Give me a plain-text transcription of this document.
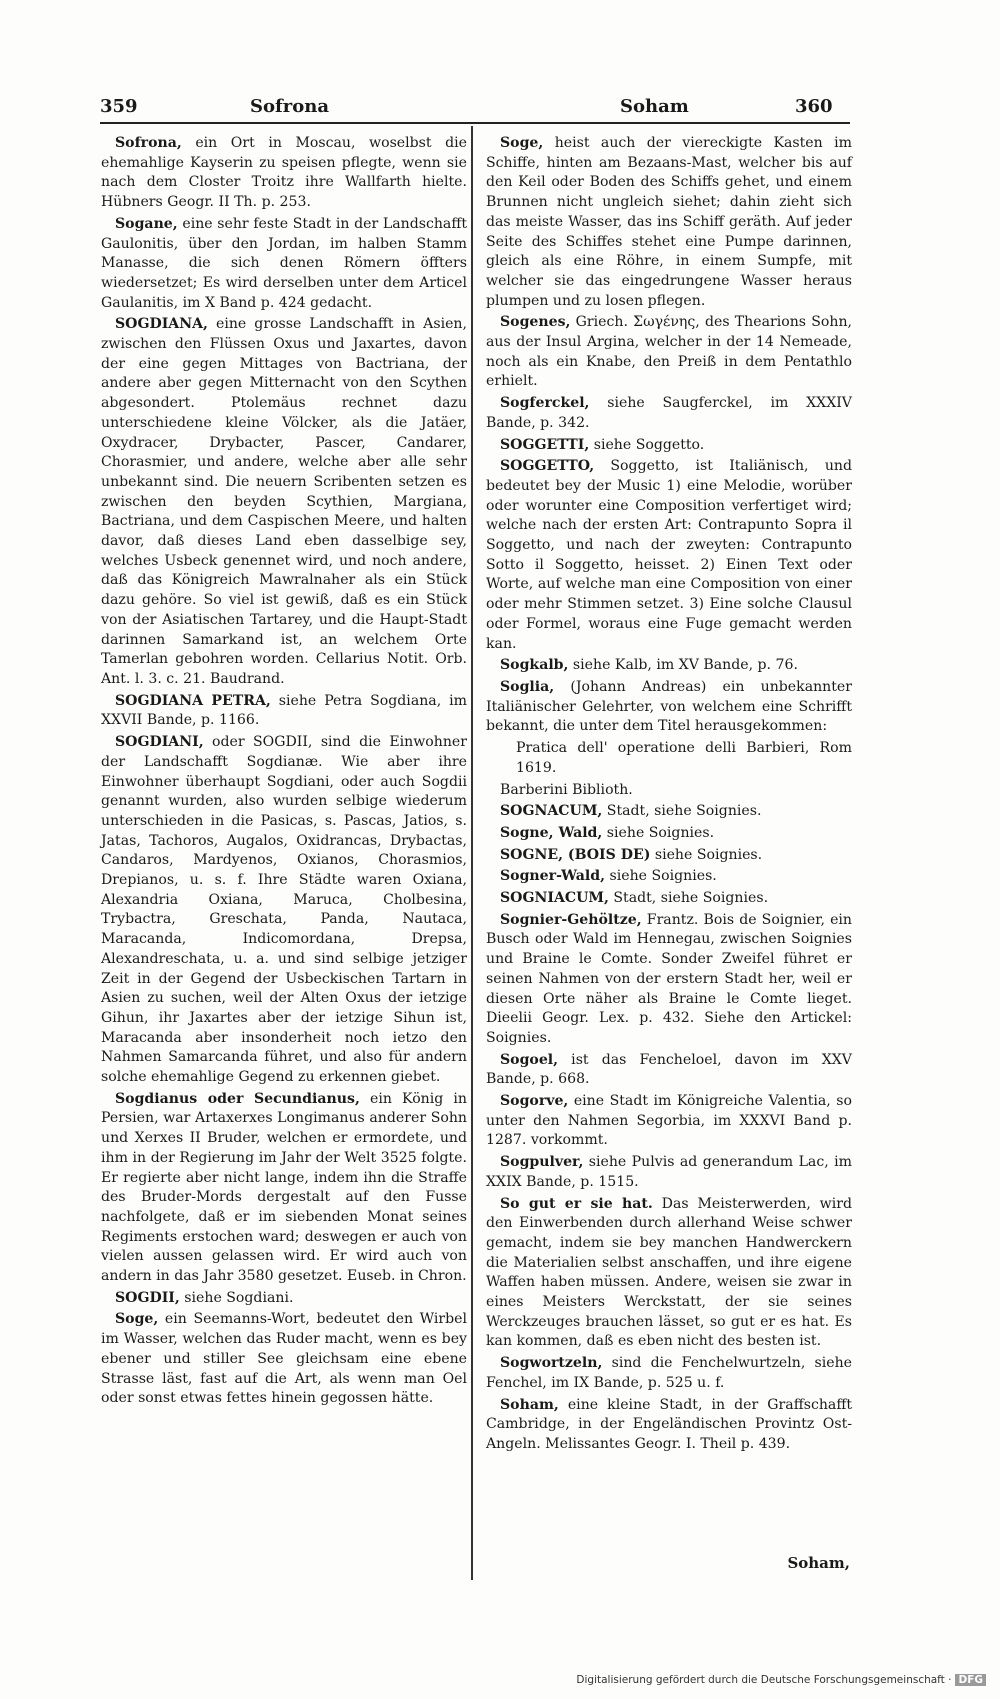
359	Sofrona	Soham	360

Sofrona, ein Ort in Moscau, woselbst die ehemahlige Kayserin zu speisen pflegte, wenn sie nach dem Closter Troitz ihre Wallfarth hielte. Hübners Geogr. II Th. p. 253.

Sogane, eine sehr feste Stadt in der Landschafft Gaulonitis, über den Jordan, im halben Stamm Manasse, die sich denen Römern öffters wiedersetzet; Es wird derselben unter dem Articel Gaulanitis, im X Band p. 424 gedacht.

SOGDIANA, eine grosse Landschafft in Asien, zwischen den Flüssen Oxus und Jaxartes, davon der eine gegen Mittages von Bactriana, der andere aber gegen Mitternacht von den Scythen abgesondert. Ptolemäus rechnet dazu unterschiedene kleine Völcker, als die Jatäer, Oxydracer, Drybacter, Pascer, Candarer, Chorasmier, und andere, welche aber alle sehr unbekannt sind. Die neuern Scribenten setzen es zwischen den beyden Scythien, Margiana, Bactriana, und dem Caspischen Meere, und halten davor, daß dieses Land eben dasselbige sey, welches Usbeck genennet wird, und noch andere, daß das Königreich Mawralnaher als ein Stück dazu gehöre. So viel ist gewiß, daß es ein Stück von der Asiatischen Tartarey, und die Haupt-Stadt darinnen Samarkand ist, an welchem Orte Tamerlan gebohren worden. Cellarius Notit. Orb. Ant. l. 3. c. 21. Baudrand.

SOGDIANA PETRA, siehe Petra Sogdiana, im XXVII Bande, p. 1166.

SOGDIANI, oder SOGDII, sind die Einwohner der Landschafft Sogdianæ. Wie aber ihre Einwohner überhaupt Sogdiani, oder auch Sogdii genannt wurden, also wurden selbige wiederum unterschieden in die Pasicas, s. Pascas, Jatios, s. Jatas, Tachoros, Augalos, Oxidrancas, Drybactas, Candaros, Mardyenos, Oxianos, Chorasmios, Drepianos, u. s. f. Ihre Städte waren Oxiana, Alexandria Oxiana, Maruca, Cholbesina, Trybactra, Greschata, Panda, Nautaca, Maracanda, Indicomordana, Drepsa, Alexandreschata, u. a. und sind selbige jetziger Zeit in der Gegend der Usbeckischen Tartarn in Asien zu suchen, weil der Alten Oxus der ietzige Gihun, ihr Jaxartes aber der ietzige Sihun ist, Maracanda aber insonderheit noch ietzo den Nahmen Samarcanda führet, und also für andern solche ehemahlige Gegend zu erkennen giebet.

Sogdianus oder Secundianus, ein König in Persien, war Artaxerxes Longimanus anderer Sohn und Xerxes II Bruder, welchen er ermordete, und ihm in der Regierung im Jahr der Welt 3525 folgte. Er regierte aber nicht lange, indem ihn die Straffe des Bruder-Mords dergestalt auf den Fusse nachfolgete, daß er im siebenden Monat seines Regiments erstochen ward; deswegen er auch von vielen aussen gelassen wird. Er wird auch von andern in das Jahr 3580 gesetzet. Euseb. in Chron.

SOGDII, siehe Sogdiani.

Soge, ein Seemanns-Wort, bedeutet den Wirbel im Wasser, welchen das Ruder macht, wenn es bey ebener und stiller See gleichsam eine ebene Strasse läst, fast auf die Art, als wenn man Oel oder sonst etwas fettes hinein gegossen hätte.

Soge, heist auch der viereckigte Kasten im Schiffe, hinten am Bezaans-Mast, welcher bis auf den Keil oder Boden des Schiffs gehet, und einem Brunnen nicht ungleich siehet; dahin zieht sich das meiste Wasser, das ins Schiff geräth. Auf jeder Seite des Schiffes stehet eine Pumpe darinnen, gleich als eine Röhre, in einem Sumpfe, mit welcher sie das eingedrungene Wasser heraus plumpen und zu losen pflegen.

Sogenes, Griech. Σωγένης, des Thearions Sohn, aus der Insul Argina, welcher in der 14 Nemeade, noch als ein Knabe, den Preiß in dem Pentathlo erhielt.

Sogferckel, siehe Saugferckel, im XXXIV Bande, p. 342.

SOGGETTI, siehe Soggetto.

SOGGETTO, Soggetto, ist Italiänisch, und bedeutet bey der Music 1) eine Melodie, worüber oder worunter eine Composition verfertiget wird; welche nach der ersten Art: Contrapunto Sopra il Soggetto, und nach der zweyten: Contrapunto Sotto il Soggetto, heisset. 2) Einen Text oder Worte, auf welche man eine Composition von einer oder mehr Stimmen setzet. 3) Eine solche Clausul oder Formel, woraus eine Fuge gemacht werden kan.

Sogkalb, siehe Kalb, im XV Bande, p. 76.

Soglia, (Johann Andreas) ein unbekannter Italiänischer Gelehrter, von welchem eine Schrifft bekannt, die unter dem Titel herausgekommen:

Pratica dell' operatione delli Barbieri, Rom 1619.

Barberini Biblioth.

SOGNACUM, Stadt, siehe Soignies.

Sogne, Wald, siehe Soignies.

SOGNE, (BOIS DE) siehe Soignies.

Sogner-Wald, siehe Soignies.

SOGNIACUM, Stadt, siehe Soignies.

Sognier-Gehöltze, Frantz. Bois de Soignier, ein Busch oder Wald im Hennegau, zwischen Soignies und Braine le Comte. Sonder Zweifel führet er seinen Nahmen von der erstern Stadt her, weil er diesen Orte näher als Braine le Comte lieget. Dieelii Geogr. Lex. p. 432. Siehe den Artickel: Soignies.

Sogoel, ist das Fencheloel, davon im XXV Bande, p. 668.

Sogorve, eine Stadt im Königreiche Valentia, so unter den Nahmen Segorbia, im XXXVI Band p. 1287. vorkommt.

Sogpulver, siehe Pulvis ad generandum Lac, im XXIX Bande, p. 1515.

So gut er sie hat. Das Meisterwerden, wird den Einwerbenden durch allerhand Weise schwer gemacht, indem sie bey manchen Handwerckern die Materialien selbst anschaffen, und ihre eigene Waffen haben müssen. Andere, weisen sie zwar in eines Meisters Werckstatt, der sie seines Werckzeuges brauchen lässet, so gut er es hat. Es kan kommen, daß es eben nicht des besten ist.

Sogwortzeln, sind die Fenchelwurtzeln, siehe Fenchel, im IX Bande, p. 525 u. f.

Soham, eine kleine Stadt, in der Graffschafft Cambridge, in der Engeländischen Provintz Ost-Angeln. Melissantes Geogr. I. Theil p. 439.

Soham,
Digitalisierung gefördert durch die Deutsche Forschungsgemeinschaft · DFG
